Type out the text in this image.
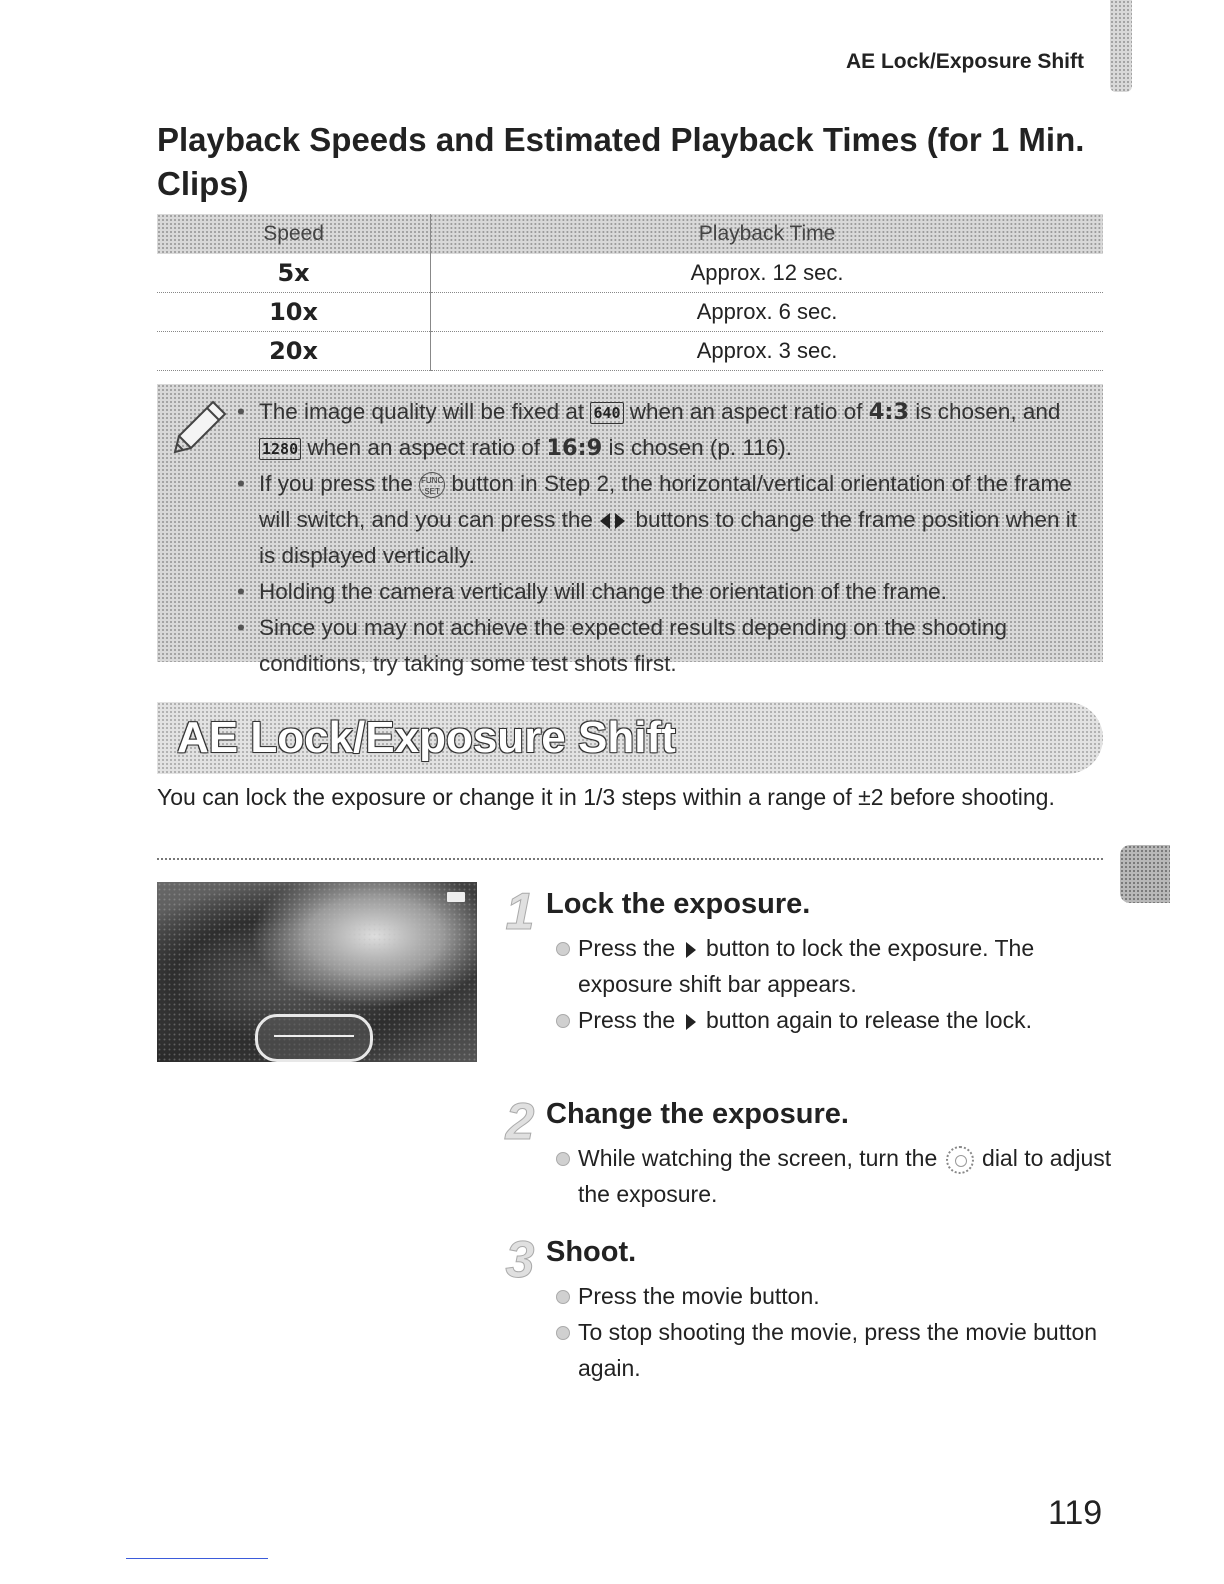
AE Lock/Exposure Shift
Playback Speeds and Estimated Playback Times (for 1 Min. Clips)
Speed	Playback Time
5x	Approx. 12 sec.
10x	Approx. 6 sec.
20x	Approx. 3 sec.
• The image quality will be fixed at 640 when an aspect ratio of 4:3 is chosen, and 1280 when an aspect ratio of 16:9 is chosen (p. 116).
• If you press the FUNC SET button in Step 2, the horizontal/vertical orientation of the frame will switch, and you can press the buttons to change the frame position when it is displayed vertically.
• Holding the camera vertically will change the orientation of the frame.
• Since you may not achieve the expected results depending on the shooting conditions, try taking some test shots first.
AE Lock/Exposure Shift

You can lock the exposure or change it in 1/3 steps within a range of ±2 before shooting.

1 Lock the exposure.
Press the button to lock the exposure. The exposure shift bar appears.
Press the button again to release the lock.
2 Change the exposure.
While watching the screen, turn the dial to adjust the exposure.
3 Shoot.
Press the movie button.
To stop shooting the movie, press the movie button again.
119
